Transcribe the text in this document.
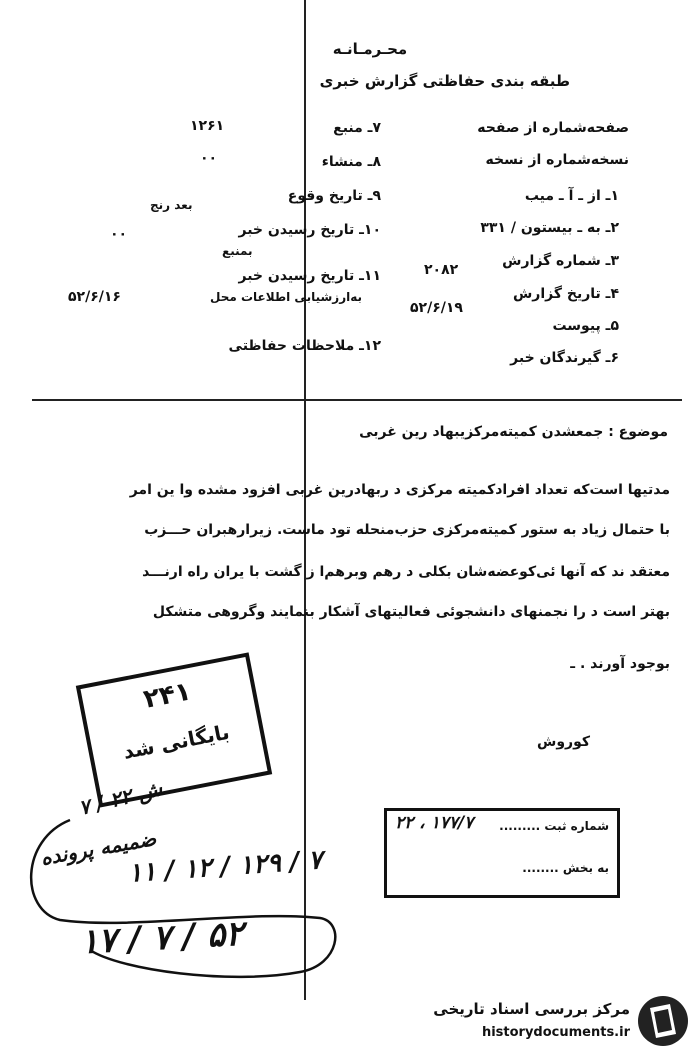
محـرمـانـه
طبقه بندی حفاظتی گزارش خبری
صفحه‌شماره از صفحه
نسخه‌شماره از نسخه
۱ـ از ـ آ ـ میب
۲ـ به ـ بیستون / ۳۳۱
۳ـ شماره گزارش
۲۰۸۲
۴ـ تاریخ گزارش
۵۲/۶/۱۹
۵ـ پیوست
۶ـ گیرندگان خبر
۷ـ منبع
۱۲۶۱
۸ـ منشاء
٠٠
۹ـ تاریخ وقوع
بعد رنج
۱۰ـ تاریخ رسیدن خبر
٠٠
بمنبع
۱۱ـ تاریخ رسیدن خبر
به‌ارزشیابی اطلاعات محل
۵۲/۶/۱۶
۱۲ـ ملاحظات حفاظتی
موضوع : جمعشدن کمیته‌مرکزیبهاد رین غربی
مدتیها است‌که تعداد افراد‌کمیته مرکزی د ربهادرین غربی افزود مشده وا ین امر
با حتمال زیاد به ستور کمیته‌مرکزی حزب‌منحله تود ماست. زیرارهبران حـــزب
معتقد ند که آنها ئی‌کوعضه‌شان بکلی د رهم وبرهم‌ا ز گشت با یران راه ارنـــد
بهتر است د را نجمنهای دانشجوئی فعالیتهای آشکار بنمایند وگروهی متشکل
بوجود آورند . ـ
کوروش
۲۴۱
بایگانی شد
شماره ثبت .........
۲۲ ، ۱۷۷/۷
به بخش ........
ش ۲۲ / ۷
۱۱ / ۱۲ / ۱۲۹ / ۷
ضمیمه پرونده
۱۷ / ۷ / ۵۲
مرکز بررسی اسناد تاریخی
historydocuments.ir
